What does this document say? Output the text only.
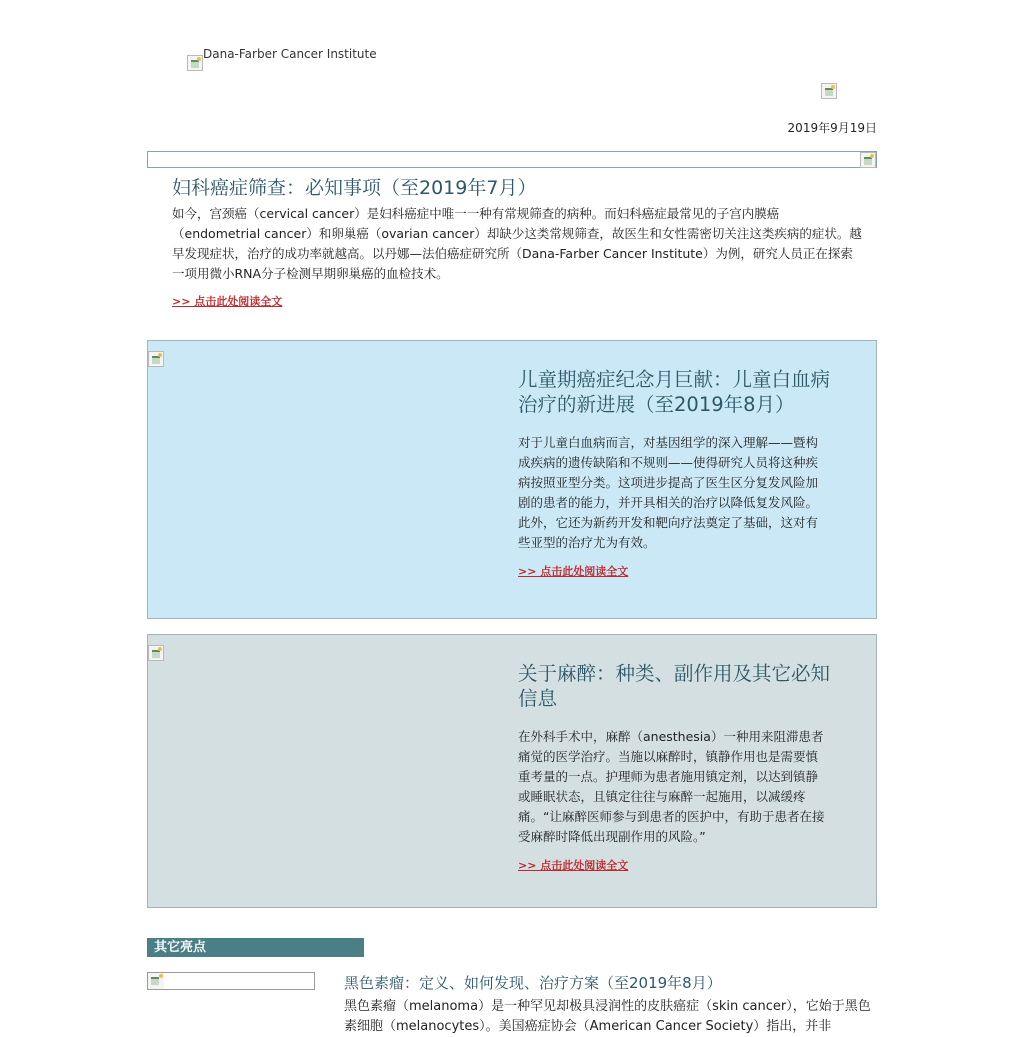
Dana-Farber Cancer Institute
2019年9月19日
妇科癌症筛查：必知事项（至2019年7月）
如今，宫颈癌（cervical cancer）是妇科癌症中唯一一种有常规筛查的病种。而妇科癌症最常见的子宫内膜癌（endometrial cancer）和卵巢癌（ovarian cancer）却缺少这类常规筛查，故医生和女性需密切关注这类疾病的症状。越早发现症状，治疗的成功率就越高。以丹娜—法伯癌症研究所（Dana-Farber Cancer Institute）为例，研究人员正在探索一项用微小RNA分子检测早期卵巢癌的血检技术。
>> 点击此处阅读全文
儿童期癌症纪念月巨献：儿童白血病治疗的新进展（至2019年8月）
对于儿童白血病而言，对基因组学的深入理解——暨构成疾病的遗传缺陷和不规则——使得研究人员将这种疾病按照亚型分类。这项进步提高了医生区分复发风险加剧的患者的能力，并开具相关的治疗以降低复发风险。此外，它还为新药开发和靶向疗法奠定了基础，这对有些亚型的治疗尤为有效。
>> 点击此处阅读全文
关于麻醉：种类、副作用及其它必知信息
在外科手术中，麻醉（anesthesia）一种用来阻滞患者痛觉的医学治疗。当施以麻醉时，镇静作用也是需要慎重考量的一点。护理师为患者施用镇定剂，以达到镇静或睡眠状态，且镇定往往与麻醉一起施用，以减缓疼痛。“让麻醉医师参与到患者的医护中，有助于患者在接受麻醉时降低出现副作用的风险。”
>> 点击此处阅读全文
其它亮点
黑色素瘤：定义、如何发现、治疗方案（至2019年8月）
黑色素瘤（melanoma）是一种罕见却极具浸润性的皮肤癌症（skin cancer），它始于黑色素细胞（melanocytes）。美国癌症协会（American Cancer Society）指出，并非
